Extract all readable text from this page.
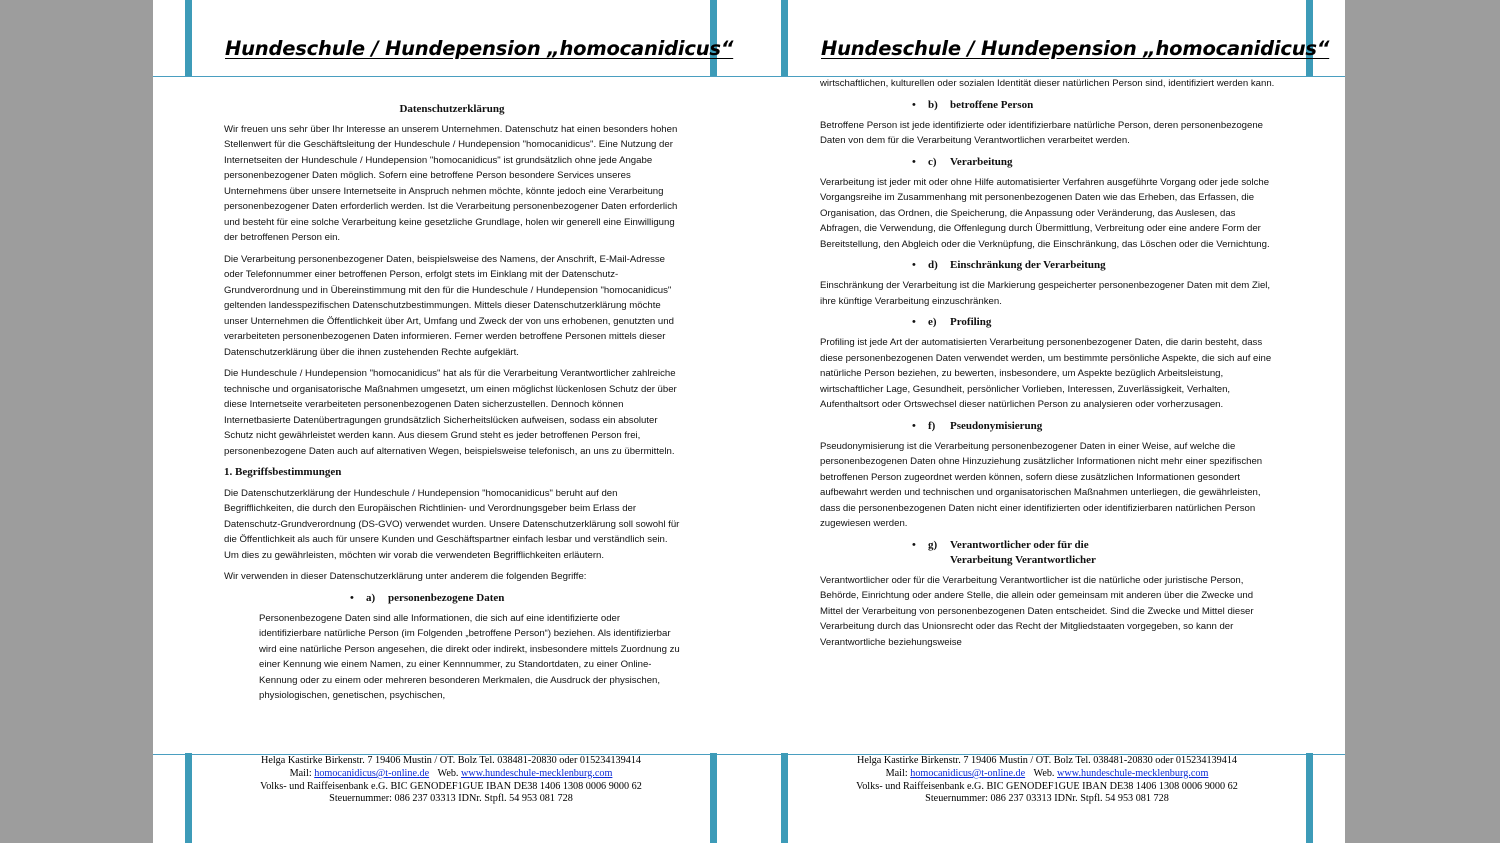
Hundeschule / Hundepension „homocanidicus“
Datenschutzerklärung

Wir freuen uns sehr über Ihr Interesse an unserem Unternehmen. Datenschutz hat einen besonders hohen Stellenwert für die Geschäftsleitung der Hundeschule / Hundepension "homocanidicus". Eine Nutzung der Internetseiten der Hundeschule / Hundepension "homocanidicus" ist grundsätzlich ohne jede Angabe personenbezogener Daten möglich. Sofern eine betroffene Person besondere Services unseres Unternehmens über unsere Internetseite in Anspruch nehmen möchte, könnte jedoch eine Verarbeitung personenbezogener Daten erforderlich werden. Ist die Verarbeitung personenbezogener Daten erforderlich und besteht für eine solche Verarbeitung keine gesetzliche Grundlage, holen wir generell eine Einwilligung der betroffenen Person ein.

Die Verarbeitung personenbezogener Daten, beispielsweise des Namens, der Anschrift, E-Mail-Adresse oder Telefonnummer einer betroffenen Person, erfolgt stets im Einklang mit der Datenschutz-Grundverordnung und in Übereinstimmung mit den für die Hundeschule / Hundepension "homocanidicus" geltenden landesspezifischen Datenschutzbestimmungen. Mittels dieser Datenschutzerklärung möchte unser Unternehmen die Öffentlichkeit über Art, Umfang und Zweck der von uns erhobenen, genutzten und verarbeiteten personenbezogenen Daten informieren. Ferner werden betroffene Personen mittels dieser Datenschutzerklärung über die ihnen zustehenden Rechte aufgeklärt.

Die Hundeschule / Hundepension "homocanidicus" hat als für die Verarbeitung Verantwortlicher zahlreiche technische und organisatorische Maßnahmen umgesetzt, um einen möglichst lückenlosen Schutz der über diese Internetseite verarbeiteten personenbezogenen Daten sicherzustellen. Dennoch können Internetbasierte Datenübertragungen grundsätzlich Sicherheitslücken aufweisen, sodass ein absoluter Schutz nicht gewährleistet werden kann. Aus diesem Grund steht es jeder betroffenen Person frei, personenbezogene Daten auch auf alternativen Wegen, beispielsweise telefonisch, an uns zu übermitteln.

1. Begriffsbestimmungen

Die Datenschutzerklärung der Hundeschule / Hundepension "homocanidicus" beruht auf den Begrifflichkeiten, die durch den Europäischen Richtlinien- und Verordnungsgeber beim Erlass der Datenschutz-Grundverordnung (DS-GVO) verwendet wurden. Unsere Datenschutzerklärung soll sowohl für die Öffentlichkeit als auch für unsere Kunden und Geschäftspartner einfach lesbar und verständlich sein. Um dies zu gewährleisten, möchten wir vorab die verwendeten Begrifflichkeiten erläutern.

Wir verwenden in dieser Datenschutzerklärung unter anderem die folgenden Begriffe:

•	a)	personenbezogene Daten

Personenbezogene Daten sind alle Informationen, die sich auf eine identifizierte oder identifizierbare natürliche Person (im Folgenden „betroffene Person“) beziehen. Als identifizierbar wird eine natürliche Person angesehen, die direkt oder indirekt, insbesondere mittels Zuordnung zu einer Kennung wie einem Namen, zu einer Kennnummer, zu Standortdaten, zu einer Online-Kennung oder zu einem oder mehreren besonderen Merkmalen, die Ausdruck der physischen, physiologischen, genetischen, psychischen,

Helga Kastirke Birkenstr. 7 19406 Mustin / OT. Bolz Tel. 038481-20830 oder 015234139414
Mail: homocanidicus@t-online.de Web. www.hundeschule-mecklenburg.com
Volks- und Raiffeisenbank e.G. BIC GENODEF1GUE IBAN DE38 1406 1308 0006 9000 62
Steuernummer: 086 237 03313 IDNr. Stpfl. 54 953 081 728
Hundeschule / Hundepension „homocanidicus“

wirtschaftlichen, kulturellen oder sozialen Identität dieser natürlichen Person sind, identifiziert werden kann.

•	b)	betroffene Person

Betroffene Person ist jede identifizierte oder identifizierbare natürliche Person, deren personenbezogene Daten von dem für die Verarbeitung Verantwortlichen verarbeitet werden.

•	c)	Verarbeitung

Verarbeitung ist jeder mit oder ohne Hilfe automatisierter Verfahren ausgeführte Vorgang oder jede solche Vorgangsreihe im Zusammenhang mit personenbezogenen Daten wie das Erheben, das Erfassen, die Organisation, das Ordnen, die Speicherung, die Anpassung oder Veränderung, das Auslesen, das Abfragen, die Verwendung, die Offenlegung durch Übermittlung, Verbreitung oder eine andere Form der Bereitstellung, den Abgleich oder die Verknüpfung, die Einschränkung, das Löschen oder die Vernichtung.

•	d)	Einschränkung der Verarbeitung

Einschränkung der Verarbeitung ist die Markierung gespeicherter personenbezogener Daten mit dem Ziel, ihre künftige Verarbeitung einzuschränken.

•	e)	Profiling

Profiling ist jede Art der automatisierten Verarbeitung personenbezogener Daten, die darin besteht, dass diese personenbezogenen Daten verwendet werden, um bestimmte persönliche Aspekte, die sich auf eine natürliche Person beziehen, zu bewerten, insbesondere, um Aspekte bezüglich Arbeitsleistung, wirtschaftlicher Lage, Gesundheit, persönlicher Vorlieben, Interessen, Zuverlässigkeit, Verhalten, Aufenthaltsort oder Ortswechsel dieser natürlichen Person zu analysieren oder vorherzusagen.

•	f)	Pseudonymisierung

Pseudonymisierung ist die Verarbeitung personenbezogener Daten in einer Weise, auf welche die personenbezogenen Daten ohne Hinzuziehung zusätzlicher Informationen nicht mehr einer spezifischen betroffenen Person zugeordnet werden können, sofern diese zusätzlichen Informationen gesondert aufbewahrt werden und technischen und organisatorischen Maßnahmen unterliegen, die gewährleisten, dass die personenbezogenen Daten nicht einer identifizierten oder identifizierbaren natürlichen Person zugewiesen werden.

•	g)	Verantwortlicher oder für die Verarbeitung Verantwortlicher

Verantwortlicher oder für die Verarbeitung Verantwortlicher ist die natürliche oder juristische Person, Behörde, Einrichtung oder andere Stelle, die allein oder gemeinsam mit anderen über die Zwecke und Mittel der Verarbeitung von personenbezogenen Daten entscheidet. Sind die Zwecke und Mittel dieser Verarbeitung durch das Unionsrecht oder das Recht der Mitgliedstaaten vorgegeben, so kann der Verantwortliche beziehungsweise

Helga Kastirke Birkenstr. 7 19406 Mustin / OT. Bolz Tel. 038481-20830 oder 015234139414
Mail: homocanidicus@t-online.de Web. www.hundeschule-mecklenburg.com
Volks- und Raiffeisenbank e.G. BIC GENODEF1GUE IBAN DE38 1406 1308 0006 9000 62
Steuernummer: 086 237 03313 IDNr. Stpfl. 54 953 081 728
